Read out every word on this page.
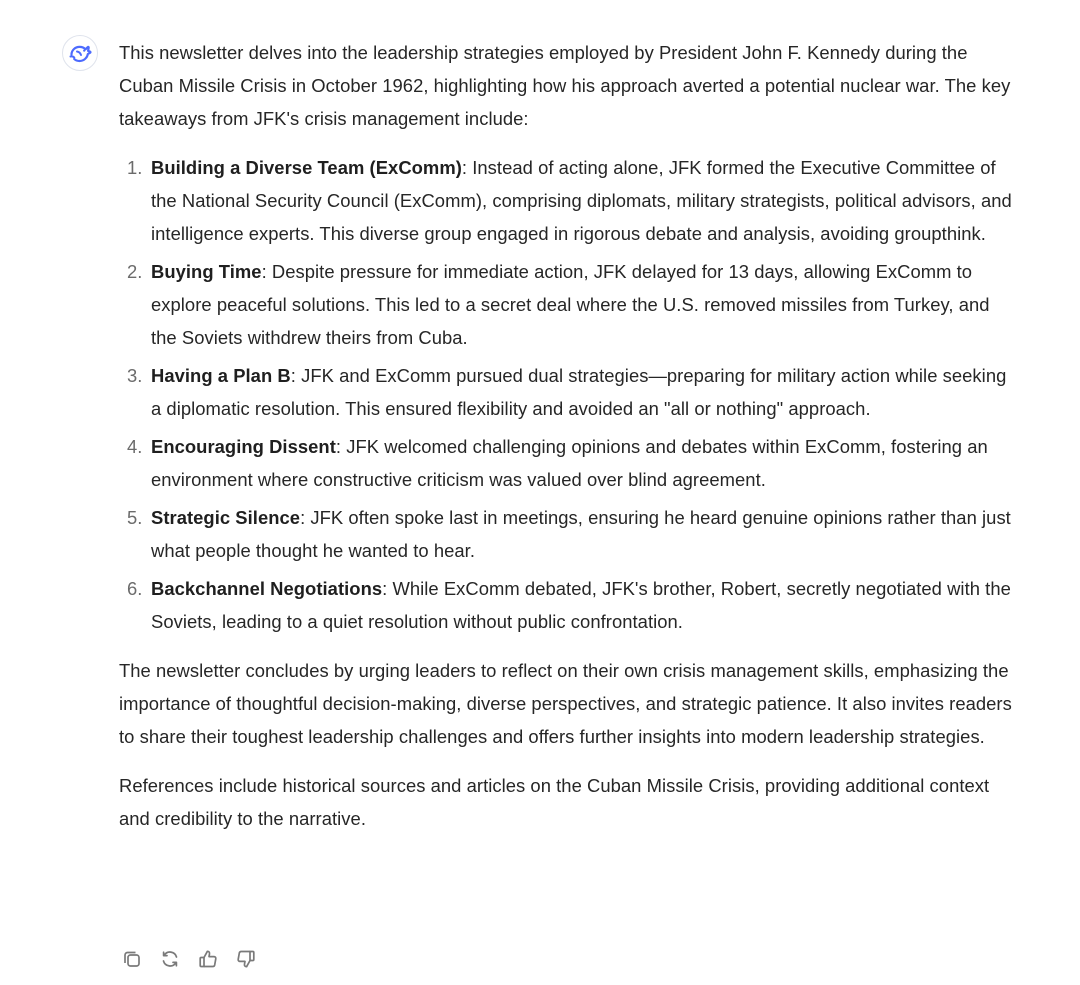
This newsletter delves into the leadership strategies employed by President John F. Kennedy during the Cuban Missile Crisis in October 1962, highlighting how his approach averted a potential nuclear war. The key takeaways from JFK's crisis management include:

1. Building a Diverse Team (ExComm): Instead of acting alone, JFK formed the Executive Committee of the National Security Council (ExComm), comprising diplomats, military strategists, political advisors, and intelligence experts. This diverse group engaged in rigorous debate and analysis, avoiding groupthink.
2. Buying Time: Despite pressure for immediate action, JFK delayed for 13 days, allowing ExComm to explore peaceful solutions. This led to a secret deal where the U.S. removed missiles from Turkey, and the Soviets withdrew theirs from Cuba.
3. Having a Plan B: JFK and ExComm pursued dual strategies—preparing for military action while seeking a diplomatic resolution. This ensured flexibility and avoided an "all or nothing" approach.
4. Encouraging Dissent: JFK welcomed challenging opinions and debates within ExComm, fostering an environment where constructive criticism was valued over blind agreement.
5. Strategic Silence: JFK often spoke last in meetings, ensuring he heard genuine opinions rather than just what people thought he wanted to hear.
6. Backchannel Negotiations: While ExComm debated, JFK's brother, Robert, secretly negotiated with the Soviets, leading to a quiet resolution without public confrontation.

The newsletter concludes by urging leaders to reflect on their own crisis management skills, emphasizing the importance of thoughtful decision-making, diverse perspectives, and strategic patience. It also invites readers to share their toughest leadership challenges and offers further insights into modern leadership strategies.

References include historical sources and articles on the Cuban Missile Crisis, providing additional context and credibility to the narrative.
